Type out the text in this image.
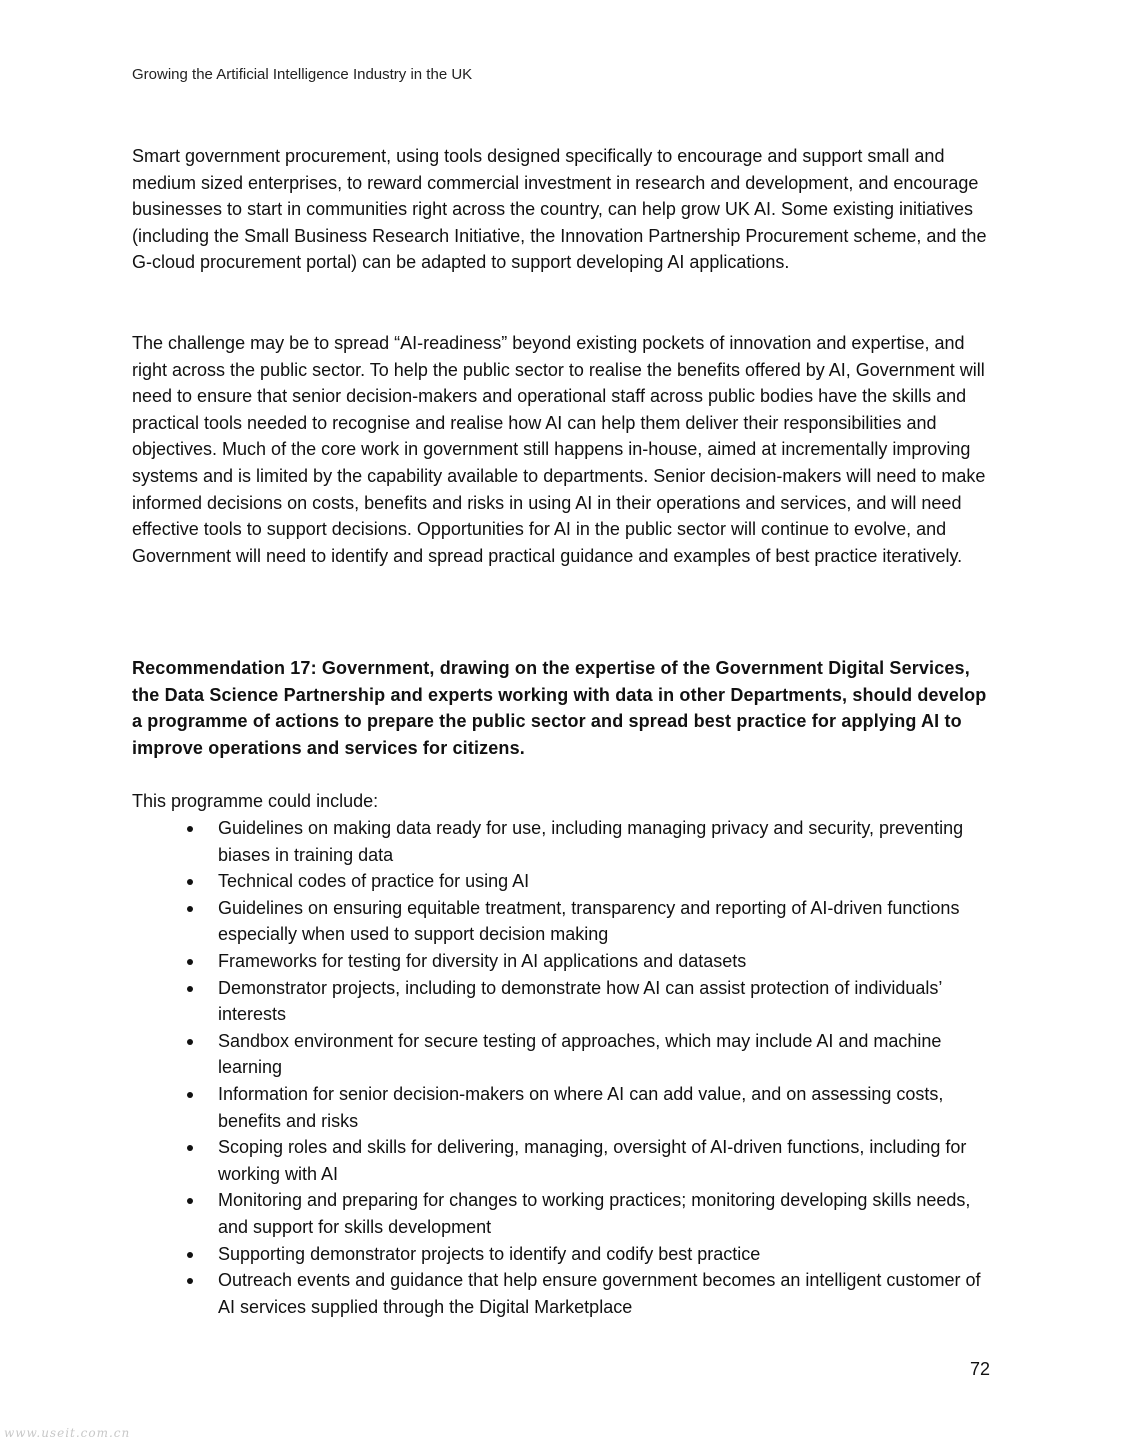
Growing the Artificial Intelligence Industry in the UK

Smart government procurement, using tools designed specifically to encourage and support small and medium sized enterprises, to reward commercial investment in research and development, and encourage businesses to start in communities right across the country, can help grow UK AI. Some existing initiatives (including the Small Business Research Initiative, the Innovation Partnership Procurement scheme, and the G-cloud procurement portal) can be adapted to support developing AI applications.

The challenge may be to spread “AI-readiness” beyond existing pockets of innovation and expertise, and right across the public sector. To help the public sector to realise the benefits offered by AI, Government will need to ensure that senior decision-makers and operational staff across public bodies have the skills and practical tools needed to recognise and realise how AI can help them deliver their responsibilities and objectives. Much of the core work in government still happens in-house, aimed at incrementally improving systems and is limited by the capability available to departments. Senior decision-makers will need to make informed decisions on costs, benefits and risks in using AI in their operations and services, and will need effective tools to support decisions. Opportunities for AI in the public sector will continue to evolve, and Government will need to identify and spread practical guidance and examples of best practice iteratively.

Recommendation 17: Government, drawing on the expertise of the Government Digital Services, the Data Science Partnership and experts working with data in other Departments, should develop a programme of actions to prepare the public sector and spread best practice for applying AI to improve operations and services for citizens.

This programme could include:

Guidelines on making data ready for use, including managing privacy and security, preventing biases in training data
Technical codes of practice for using AI
Guidelines on ensuring equitable treatment, transparency and reporting of AI-driven functions especially when used to support decision making
Frameworks for testing for diversity in AI applications and datasets
Demonstrator projects, including to demonstrate how AI can assist protection of individuals’ interests
Sandbox environment for secure testing of approaches, which may include AI and machine learning
Information for senior decision-makers on where AI can add value, and on assessing costs, benefits and risks
Scoping roles and skills for delivering, managing, oversight of AI-driven functions, including for working with AI
Monitoring and preparing for changes to working practices; monitoring developing skills needs, and support for skills development
Supporting demonstrator projects to identify and codify best practice
Outreach events and guidance that help ensure government becomes an intelligent customer of AI services supplied through the Digital Marketplace
72
www.useit.com.cn
